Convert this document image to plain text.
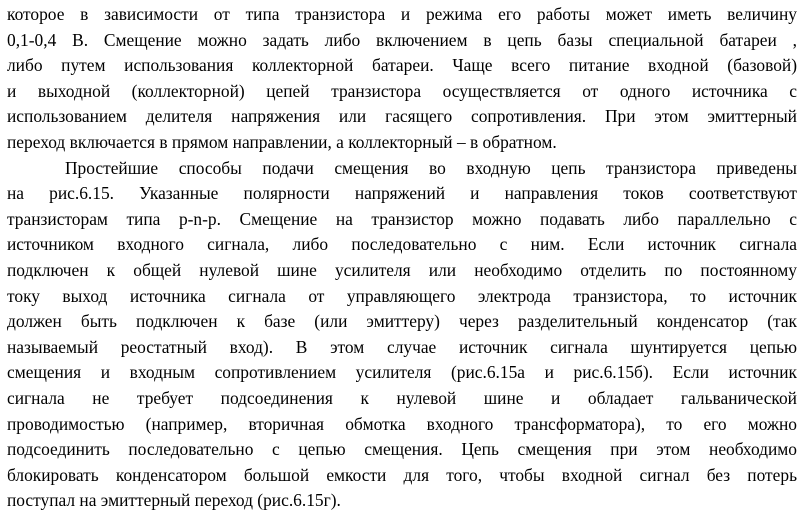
которое в зависимости от типа транзистора и режима его работы может иметь величину
0,1-0,4 В. Смещение можно задать либо включением в цепь базы специальной батареи ,
либо путем использования коллекторной батареи. Чаще всего питание входной (базовой)
и выходной (коллекторной) цепей транзистора осуществляется от одного источника с
использованием делителя напряжения или гасящего сопротивления. При этом эмиттерный
переход включается в прямом направлении, а коллекторный – в обратном.
Простейшие способы подачи смещения во входную цепь транзистора приведены
на рис.6.15. Указанные полярности напряжений и направления токов соответствуют
транзисторам типа p-n-p. Смещение на транзистор можно подавать либо параллельно с
источником входного сигнала, либо последовательно с ним. Если источник сигнала
подключен к общей нулевой шине усилителя или необходимо отделить по постоянному
току выход источника сигнала от управляющего электрода транзистора, то источник
должен быть подключен к базе (или эмиттеру) через разделительный конденсатор (так
называемый реостатный вход). В этом случае источник сигнала шунтируется цепью
смещения и входным сопротивлением усилителя (рис.6.15а и рис.6.15б). Если источник
сигнала не требует подсоединения к нулевой шине и обладает гальванической
проводимостью (например, вторичная обмотка входного трансформатора), то его можно
подсоединить последовательно с цепью смещения. Цепь смещения при этом необходимо
блокировать конденсатором большой емкости для того, чтобы входной сигнал без потерь
поступал на эмиттерный переход (рис.6.15г).
